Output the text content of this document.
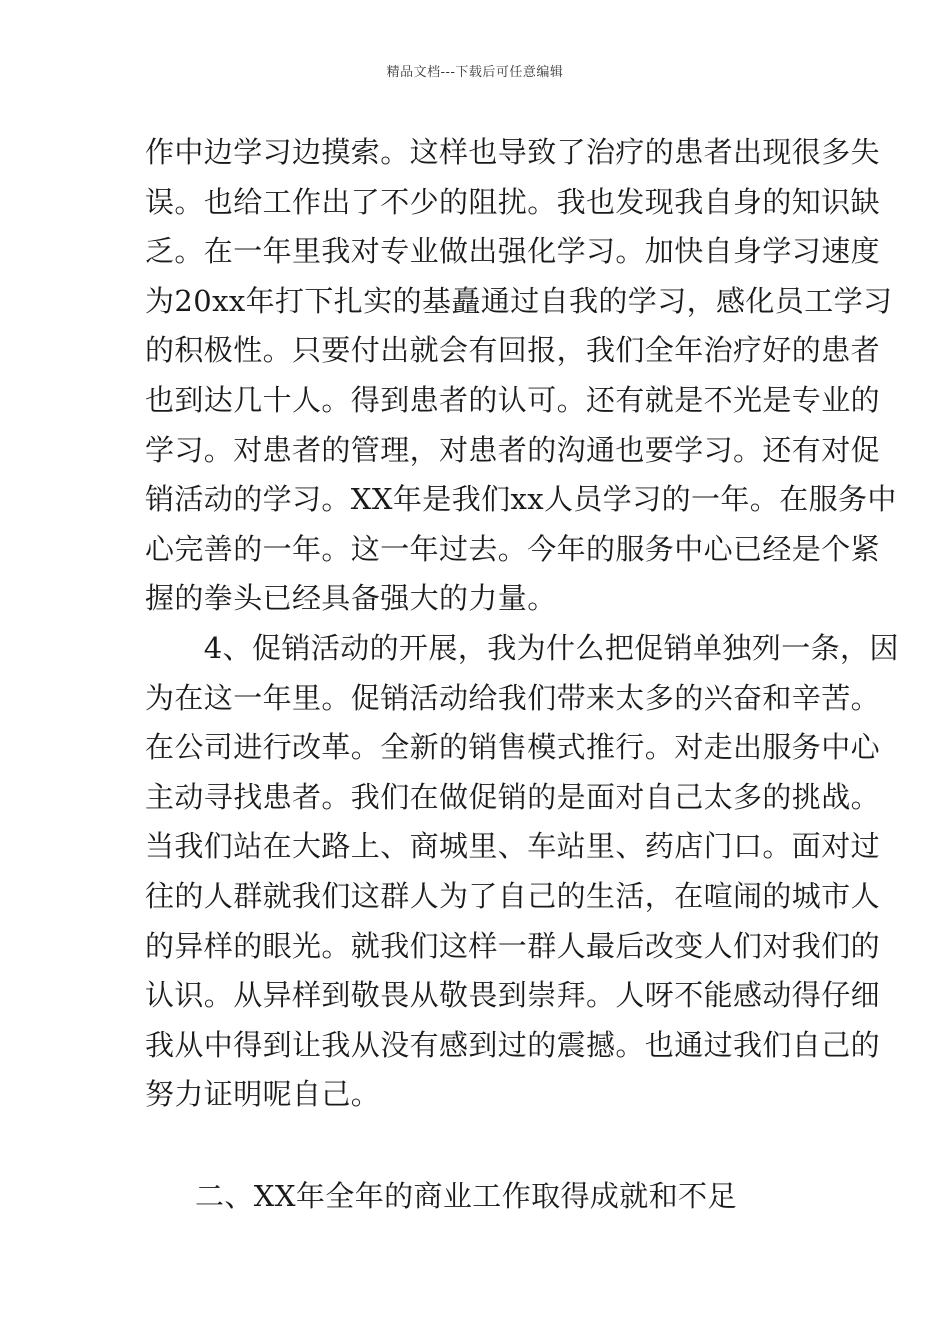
精品文档---下载后可任意编辑
作中边学习边摸索。这样也导致了治疗的患者出现很多失
误。也给工作出了不少的阻扰。我也发现我自身的知识缺
乏。在一年里我对专业做出强化学习。加快自身学习速度
为20xx年打下扎实的基矗通过自我的学习，感化员工学习
的积极性。只要付出就会有回报，我们全年治疗好的患者
也到达几十人。得到患者的认可。还有就是不光是专业的
学习。对患者的管理，对患者的沟通也要学习。还有对促
销活动的学习。XX年是我们xx人员学习的一年。在服务中
心完善的一年。这一年过去。今年的服务中心已经是个紧
握的拳头已经具备强大的力量。
　　4、促销活动的开展，我为什么把促销单独列一条，因
为在这一年里。促销活动给我们带来太多的兴奋和辛苦。
在公司进行改革。全新的销售模式推行。对走出服务中心
主动寻找患者。我们在做促销的是面对自己太多的挑战。
当我们站在大路上、商城里、车站里、药店门口。面对过
往的人群就我们这群人为了自己的生活，在喧闹的城市人
的异样的眼光。就我们这样一群人最后改变人们对我们的
认识。从异样到敬畏从敬畏到崇拜。人呀不能感动得仔细
我从中得到让我从没有感到过的震撼。也通过我们自己的
努力证明呢自己。
二、XX年全年的商业工作取得成就和不足
